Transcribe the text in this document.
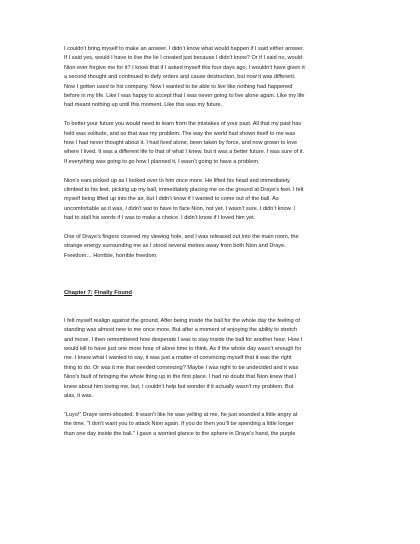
I couldn’t bring myself to make an answer. I didn’t know what would happen if I said either answer.
If I said yes, would I have to live the lie I created just because I didn’t know? Or if I said no, would
Nion ever forgive me for it? I know that if I asked myself this four days ago, I wouldn’t have given it
a second thought and continued to defy orders and cause destruction, but now it was different.
Now I gotten used to his company. Now I wanted to be able to live like nothing had happened
before in my life. Like I was happy to accept that I was never going to live alone again. Like my life
had meant nothing up until this moment. Like this was my future.

To better your future you would need to learn from the mistakes of your past. All that my past has
held was solitude, and so that was my problem. The way the world had shown itself to me was
how I had never thought about it. I had lived alone, been taken by force, and now grown to love
where I lived. It was a different life to that of what I knew, but it was a better future. I was sure of it.
If everything was going to go how I planned it, I wasn’t going to have a problem.

Nion’s ears picked up as I looked over to him once more. He lifted his head and immediately
climbed to his feet, picking up my ball, immediately placing me on the ground at Draye’s feet. I felt
myself being lifted up into the air, but I didn’t know if I wanted to come out of the ball. As
uncomfortable as it was, I didn’t wat to have to face Nion, not yet. I wasn’t sure. I didn’t know. I
had to stall his words if I was to make a choice. I didn’t know if I loved him yet.

One of Draye’s fingers covered my viewing hole, and I was released out into the main room, the
strange energy surrounding me as I stood several metres away from both Nion and Draye.
Freedom… Horrible, horrible freedom.

Chapter 7: Finally Found

I felt myself realign against the ground. After being inside the ball for the whole day the feeling of
standing was almost new to me once more. But after a moment of enjoying the ability to stretch
and move, I then remembered how desperate I was to stay inside the ball for another hour. How I
would kill to have just one more hour of alone time to think. As if the whole day wasn’t enough for
me. I knew what I wanted to say, it was just a matter of convincing myself that it was the right
thing to do. Or was it me that needed convincing? Maybe I was right to be undecided and it was
Nion’s fault of bringing the whole thing up in the first place. I had no doubt that Nion knew that I
knew about him loving me, but, I couldn’t help but wonder if it actually wasn’t my problem. But
alas, it was.

“Luyo!” Draye semi-shouted. It wasn’t like he was yelling at me, he just sounded a little angry at
the time. “I don’t want you to attack Nion again. If you do then you’ll be spending a little longer
than one day inside the ball.” I gave a worried glance to the sphere in Draye’s hand, the purple
